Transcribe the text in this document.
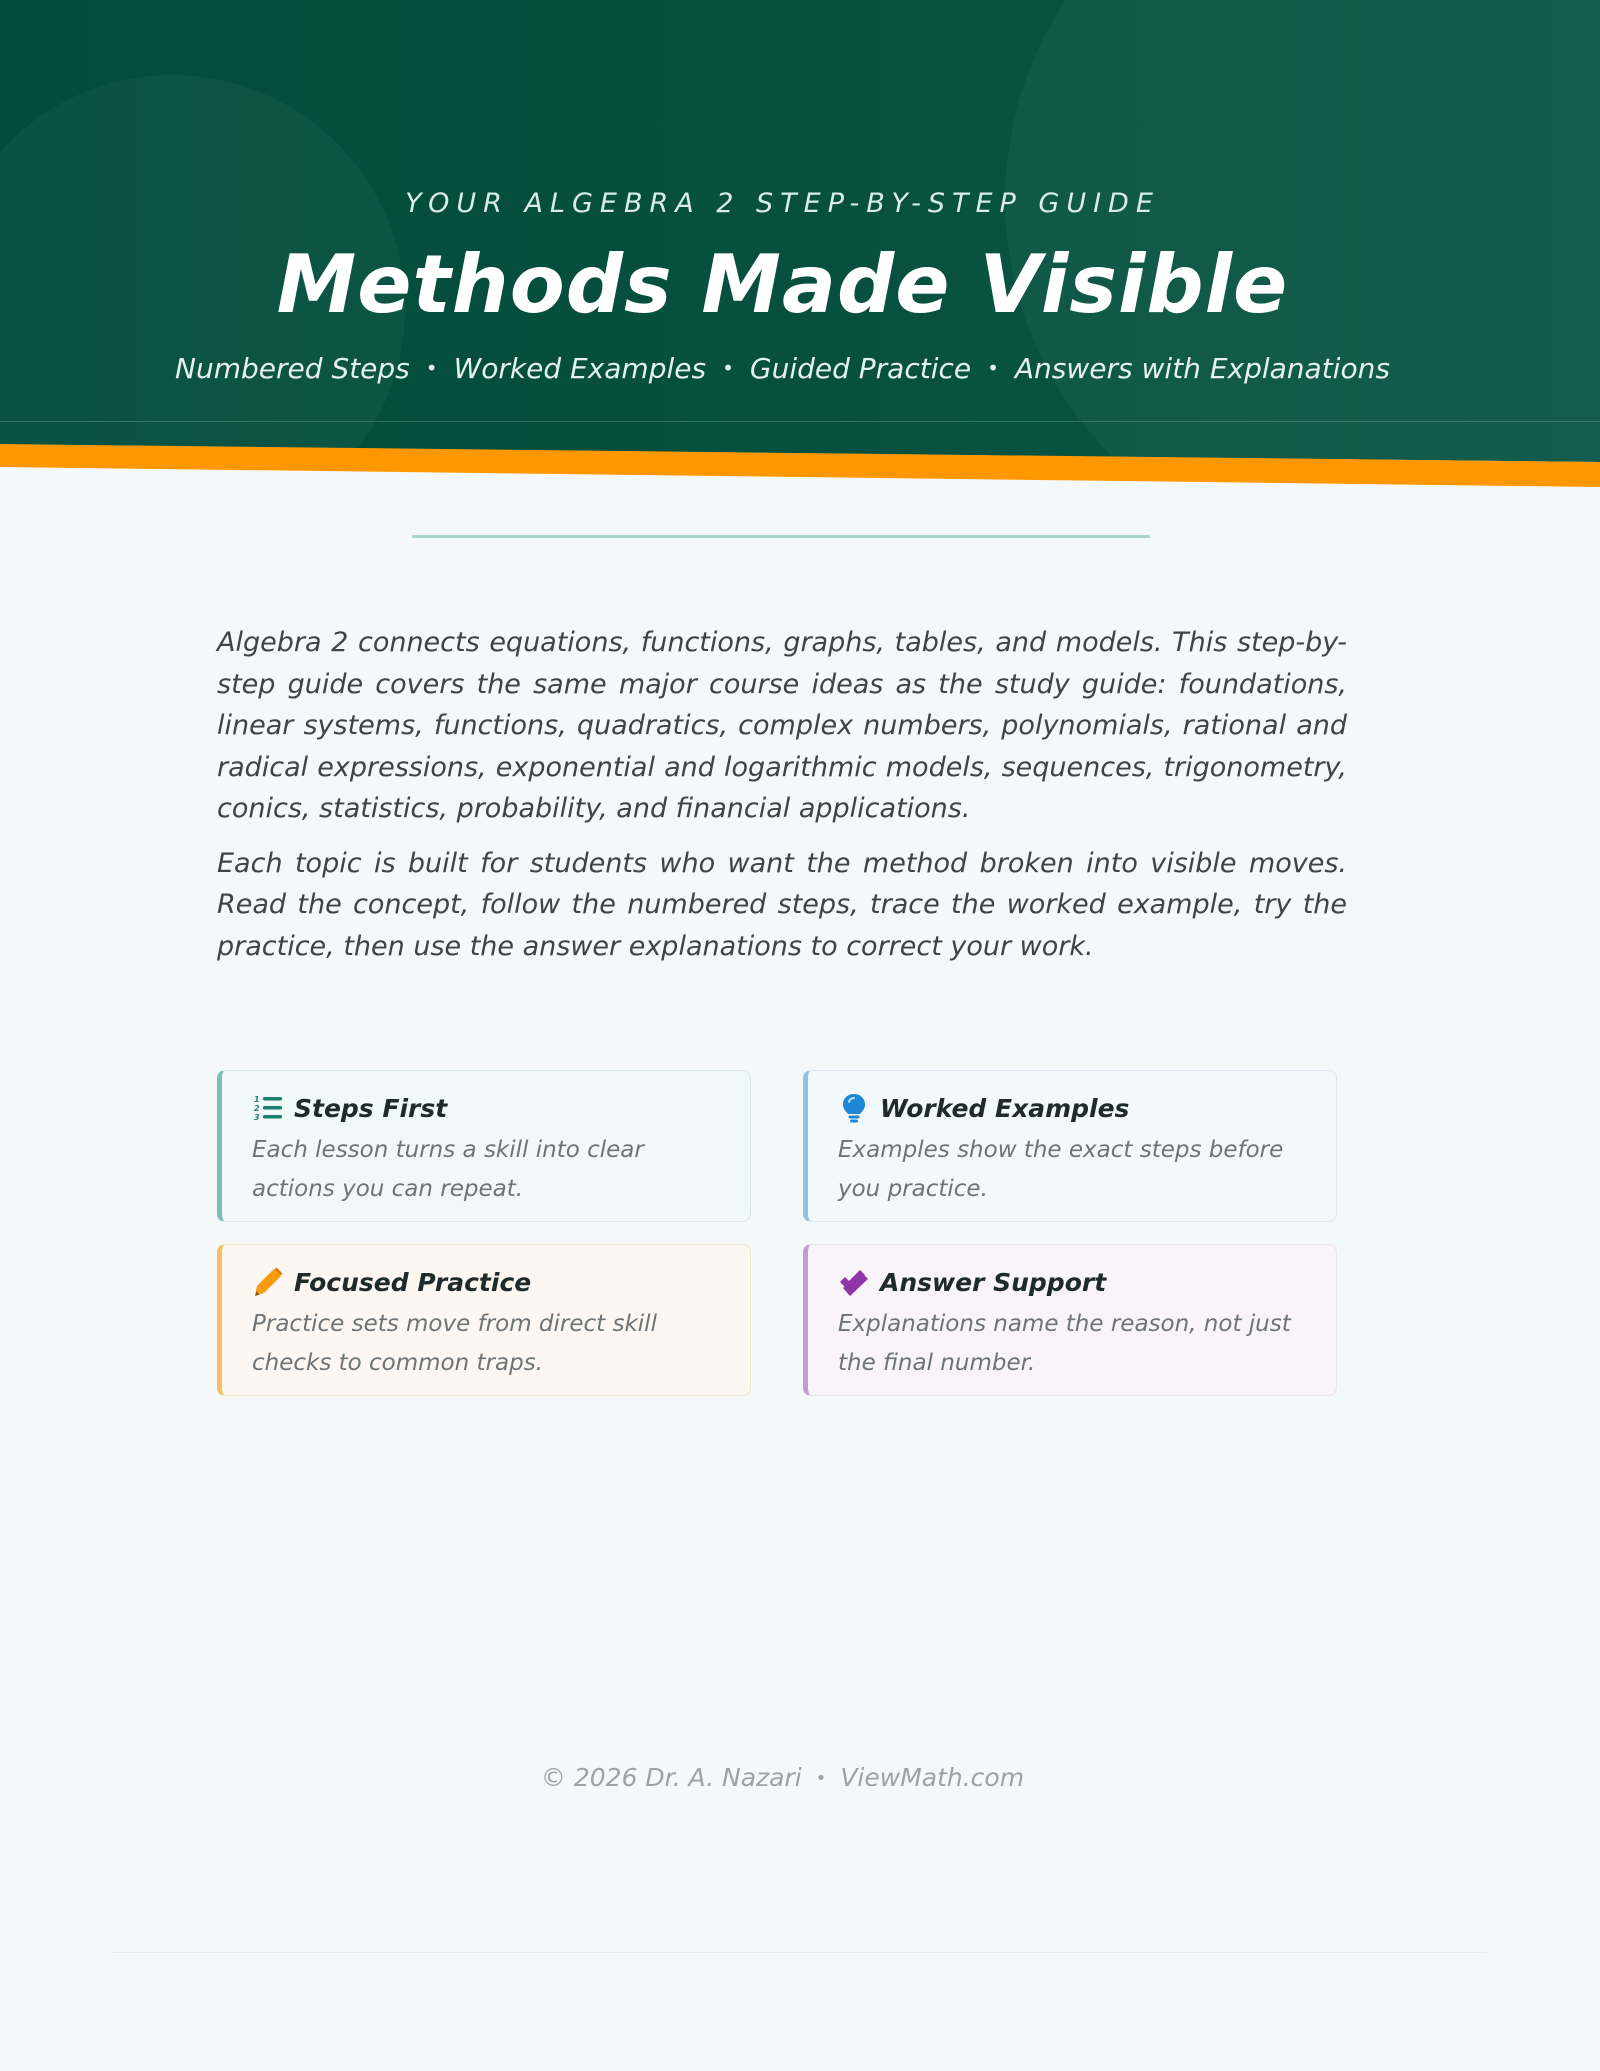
YOUR ALGEBRA 2 STEP-BY-STEP GUIDE
Methods Made Visible
Numbered Steps • Worked Examples • Guided Practice • Answers with Explanations

Algebra 2 connects equations, functions, graphs, tables, and models. This step-by-step guide covers the same major course ideas as the study guide: foundations, linear systems, functions, quadratics, complex numbers, polynomials, rational and radical expressions, exponential and logarithmic models, sequences, trigonometry, conics, statistics, probability, and financial applications.

Each topic is built for students who want the method broken into visible moves. Read the concept, follow the numbered steps, trace the worked example, try the practice, then use the answer explanations to correct your work.

1
2
3 Steps First
Each lesson turns a skill into clear actions you can repeat.
Worked Examples
Examples show the exact steps before you practice.
Focused Practice
Practice sets move from direct skill checks to common traps.
Answer Support
Explanations name the reason, not just the final number.
© 2026 Dr. A. Nazari • ViewMath.com
